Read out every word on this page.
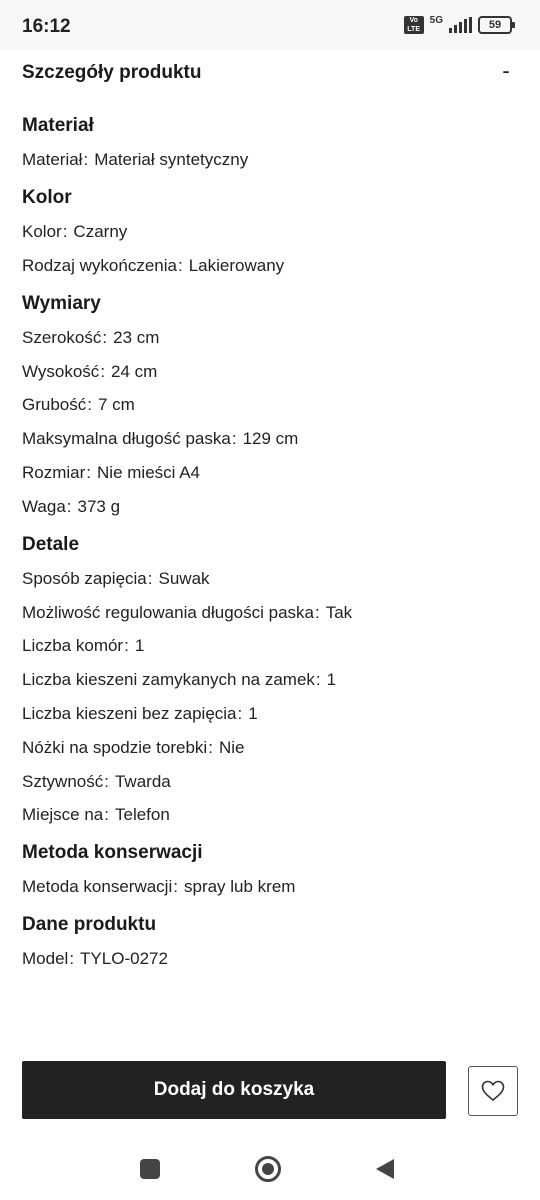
16:12	Vo LTE
5G	59
Szczegóły produktu	-
Materiał
Materiał: Materiał syntetyczny
Kolor
Kolor: Czarny
Rodzaj wykończenia: Lakierowany
Wymiary
Szerokość: 23 cm
Wysokość: 24 cm
Grubość: 7 cm
Maksymalna długość paska: 129 cm
Rozmiar: Nie mieści A4
Waga: 373 g
Detale
Sposób zapięcia: Suwak
Możliwość regulowania długości paska: Tak
Liczba komór: 1
Liczba kieszeni zamykanych na zamek: 1
Liczba kieszeni bez zapięcia: 1
Nóżki na spodzie torebki: Nie
Sztywność: Twarda
Miejsce na: Telefon
Metoda konserwacji
Metoda konserwacji: spray lub krem
Dane produktu
Model: TYLO-0272
Dodaj do koszyka
